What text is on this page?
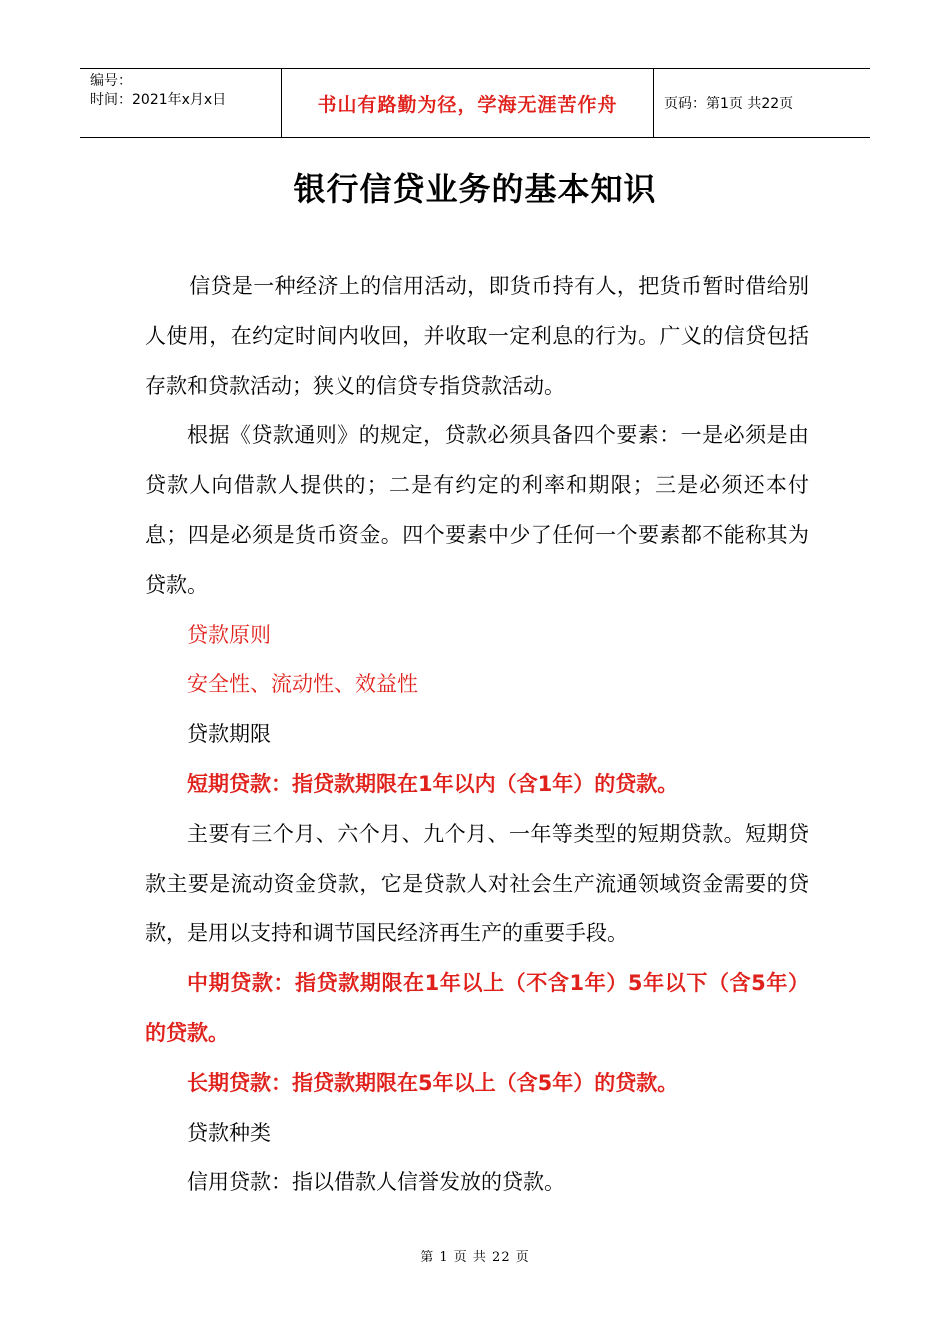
编号：
时间：2021年x月x日	书山有路勤为径，学海无涯苦作舟	页码：第1页 共22页
银行信贷业务的基本知识

信贷是一种经济上的信用活动，即货币持有人，把货币暂时借给别人使用，在约定时间内收回，并收取一定利息的行为。广义的信贷包括存款和贷款活动；狭义的信贷专指贷款活动。

根据《贷款通则》的规定，贷款必须具备四个要素：一是必须是由贷款人向借款人提供的；二是有约定的利率和期限；三是必须还本付息；四是必须是货币资金。四个要素中少了任何一个要素都不能称其为贷款。

贷款原则

安全性、流动性、效益性

贷款期限

短期贷款：指贷款期限在1年以内（含1年）的贷款。

主要有三个月、六个月、九个月、一年等类型的短期贷款。短期贷款主要是流动资金贷款，它是贷款人对社会生产流通领域资金需要的贷款，是用以支持和调节国民经济再生产的重要手段。

中期贷款：指贷款期限在1年以上（不含1年）5年以下（含5年）的贷款。

长期贷款：指贷款期限在5年以上（含5年）的贷款。

贷款种类

信用贷款：指以借款人信誉发放的贷款。

第 1 页 共 22 页
